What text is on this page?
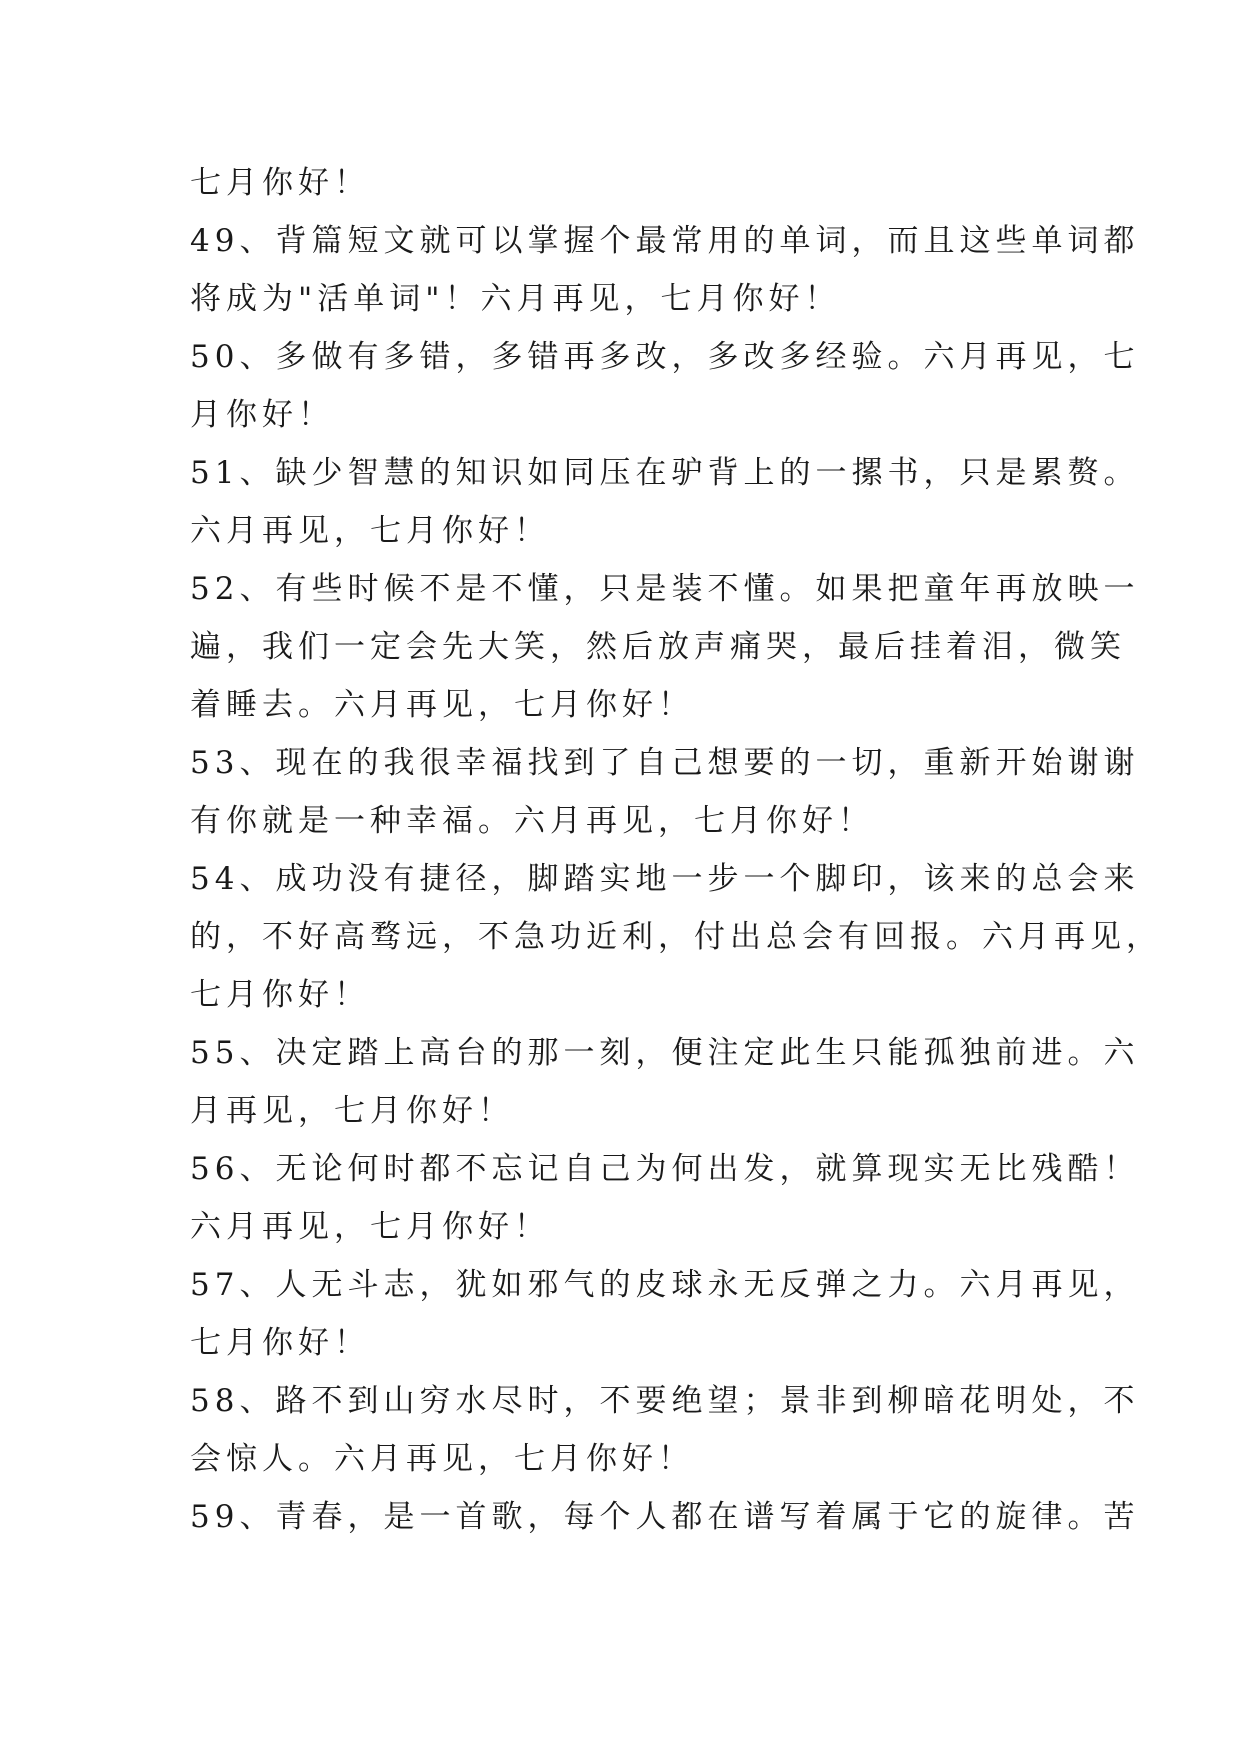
七月你好！
49、背篇短文就可以掌握个最常用的单词，而且这些单词都
将成为"活单词"！六月再见，七月你好！
50、多做有多错，多错再多改，多改多经验。六月再见，七
月你好！
51、缺少智慧的知识如同压在驴背上的一摞书，只是累赘。
六月再见，七月你好！
52、有些时候不是不懂，只是装不懂。如果把童年再放映一
遍，我们一定会先大笑，然后放声痛哭，最后挂着泪，微笑
着睡去。六月再见，七月你好！
53、现在的我很幸福找到了自己想要的一切，重新开始谢谢
有你就是一种幸福。六月再见，七月你好！
54、成功没有捷径，脚踏实地一步一个脚印，该来的总会来
的，不好高骛远，不急功近利，付出总会有回报。六月再见，
七月你好！
55、决定踏上高台的那一刻，便注定此生只能孤独前进。六
月再见，七月你好！
56、无论何时都不忘记自己为何出发，就算现实无比残酷！
六月再见，七月你好！
57、人无斗志，犹如邪气的皮球永无反弹之力。六月再见，
七月你好！
58、路不到山穷水尽时，不要绝望；景非到柳暗花明处，不
会惊人。六月再见，七月你好！
59、青春，是一首歌，每个人都在谱写着属于它的旋律。苦
